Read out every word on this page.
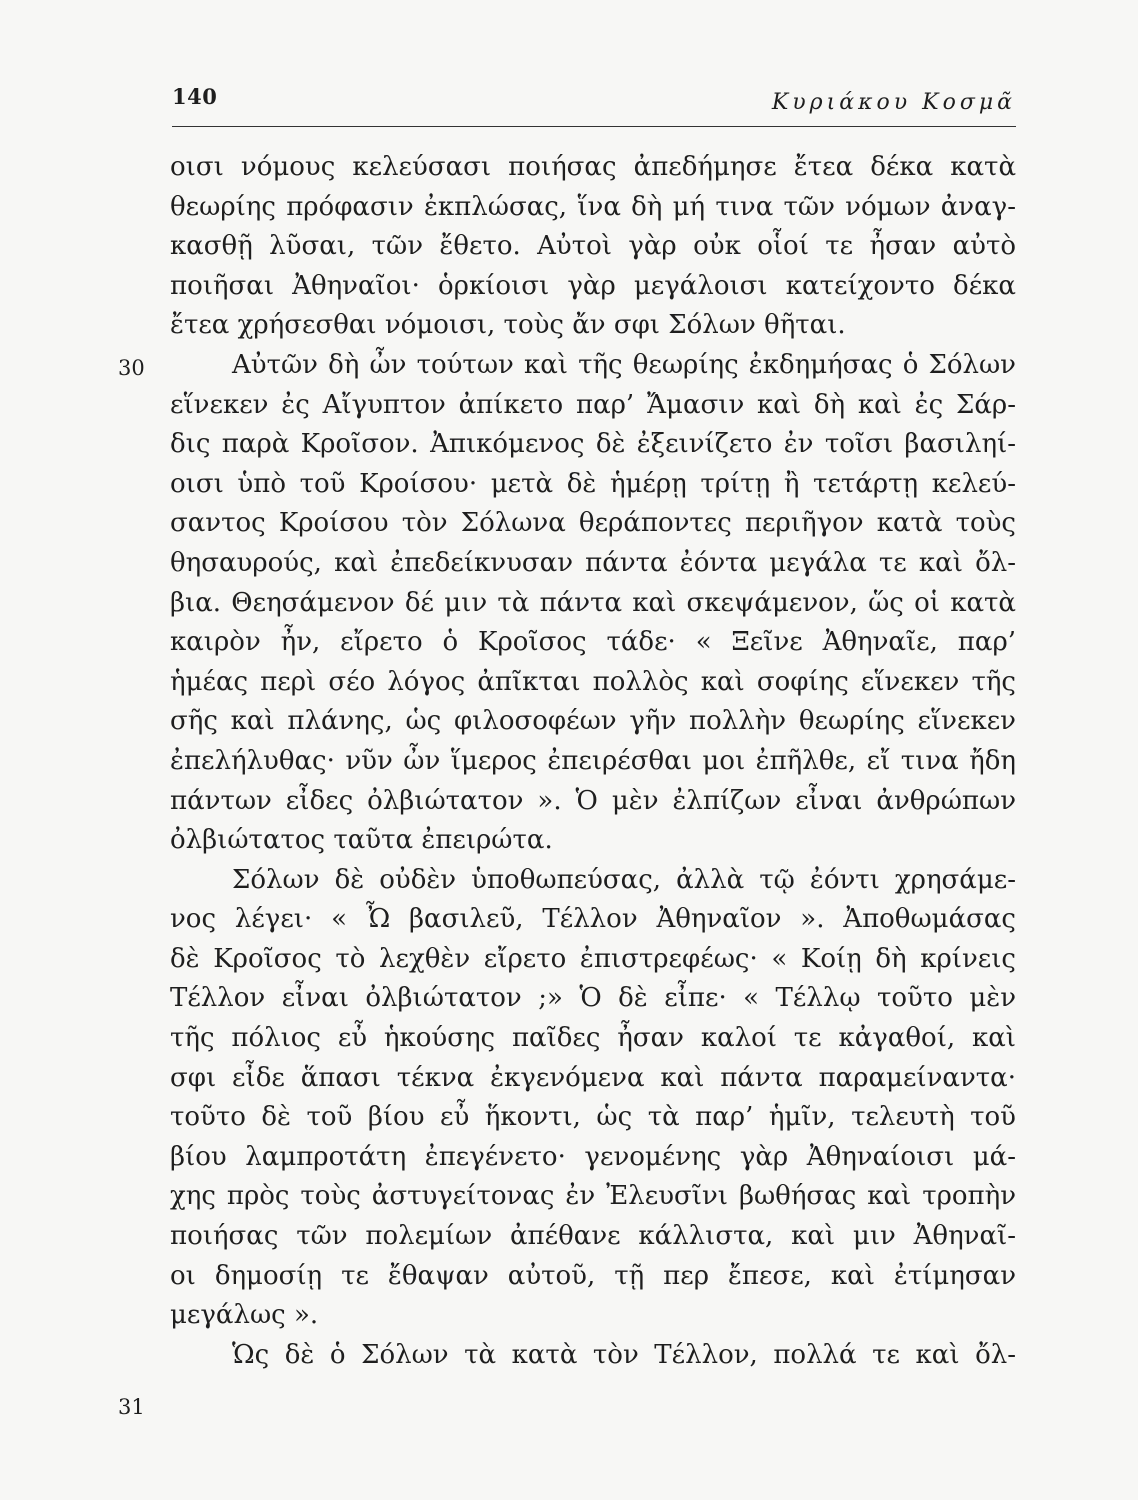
140	Κυριάκου Κοσμᾶ
30
31
οισι νόμους κελεύσασι ποιήσας ἀπεδήμησε ἔτεα δέκα κατὰ
θεωρίης πρόφασιν ἐκπλώσας, ἵνα δὴ μή τινα τῶν νόμων ἀναγ-
κασθῇ λῦσαι, τῶν ἔθετο. Αὐτοὶ γὰρ οὐκ οἷοί τε ἦσαν αὐτὸ
ποιῆσαι Ἀθηναῖοι· ὁρκίοισι γὰρ μεγάλοισι κατείχοντο δέκα
ἔτεα χρήσεσθαι νόμοισι, τοὺς ἄν σφι Σόλων θῆται.
Αὐτῶν δὴ ὦν τούτων καὶ τῆς θεωρίης ἐκδημήσας ὁ Σόλων
εἵνεκεν ἐς Αἴγυπτον ἀπίκετο παρ’ Ἄμασιν καὶ δὴ καὶ ἐς Σάρ-
δις παρὰ Κροῖσον. Ἀπικόμενος δὲ ἐξεινίζετο ἐν τοῖσι βασιληί-
οισι ὑπὸ τοῦ Κροίσου· μετὰ δὲ ἡμέρῃ τρίτῃ ἢ τετάρτῃ κελεύ-
σαντος Κροίσου τὸν Σόλωνα θεράποντες περιῆγον κατὰ τοὺς
θησαυρούς, καὶ ἐπεδείκνυσαν πάντα ἐόντα μεγάλα τε καὶ ὄλ-
βια. Θεησάμενον δέ μιν τὰ πάντα καὶ σκεψάμενον, ὥς οἱ κατὰ
καιρὸν ἦν, εἴρετο ὁ Κροῖσος τάδε· « Ξεῖνε Ἀθηναῖε, παρ’
ἡμέας περὶ σέο λόγος ἀπῖκται πολλὸς καὶ σοφίης εἵνεκεν τῆς
σῆς καὶ πλάνης, ὡς φιλοσοφέων γῆν πολλὴν θεωρίης εἵνεκεν
ἐπελήλυθας· νῦν ὦν ἵμερος ἐπειρέσθαι μοι ἐπῆλθε, εἴ τινα ἤδη
πάντων εἶδες ὀλβιώτατον ». Ὁ μὲν ἐλπίζων εἶναι ἀνθρώπων
ὀλβιώτατος ταῦτα ἐπειρώτα.
Σόλων δὲ οὐδὲν ὑποθωπεύσας, ἀλλὰ τῷ ἐόντι χρησάμε-
νος λέγει· « Ὦ βασιλεῦ, Τέλλον Ἀθηναῖον ». Ἀποθωμάσας
δὲ Κροῖσος τὸ λεχθὲν εἴρετο ἐπιστρεφέως· « Κοίῃ δὴ κρίνεις
Τέλλον εἶναι ὀλβιώτατον ;» Ὁ δὲ εἶπε· « Τέλλῳ τοῦτο μὲν
τῆς πόλιος εὖ ἡκούσης παῖδες ἦσαν καλοί τε κἀγαθοί, καὶ
σφι εἶδε ἅπασι τέκνα ἐκγενόμενα καὶ πάντα παραμείναντα·
τοῦτο δὲ τοῦ βίου εὖ ἥκοντι, ὡς τὰ παρ’ ἡμῖν, τελευτὴ τοῦ
βίου λαμπροτάτη ἐπεγένετο· γενομένης γὰρ Ἀθηναίοισι μά-
χης πρὸς τοὺς ἀστυγείτονας ἐν Ἐλευσῖνι βωθήσας καὶ τροπὴν
ποιήσας τῶν πολεμίων ἀπέθανε κάλλιστα, καὶ μιν Ἀθηναῖ-
οι δημοσίῃ τε ἔθαψαν αὐτοῦ, τῇ περ ἔπεσε, καὶ ἐτίμησαν
μεγάλως ».
Ὡς δὲ ὁ Σόλων τὰ κατὰ τὸν Τέλλον, πολλά τε καὶ ὄλ-
